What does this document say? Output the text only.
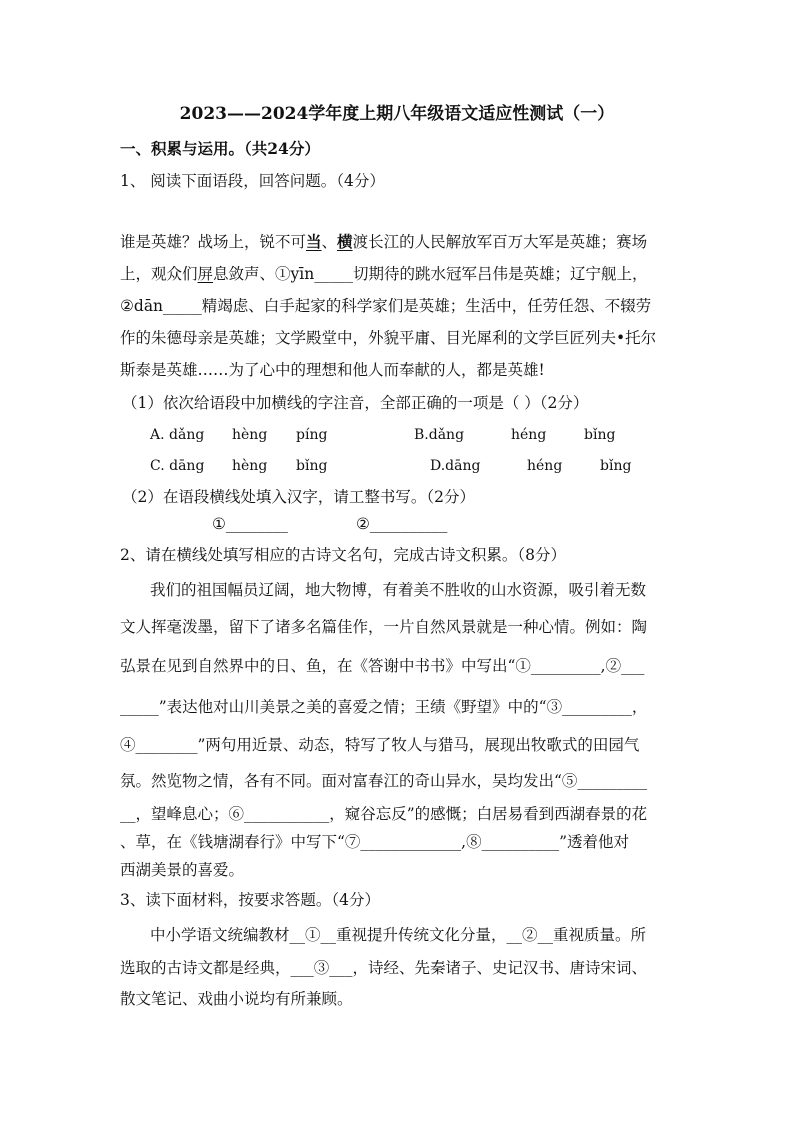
2023——2024学年度上期八年级语文适应性测试（一）
一、积累与运用。（共24分）
1、 阅读下面语段，回答问题。（4分）
谁是英雄？战场上，锐不可当、横渡长江的人民解放军百万大军是英雄；赛场
上，观众们屏息敛声、①yīn_____切期待的跳水冠军吕伟是英雄；辽宁舰上，
②dān_____精竭虑、白手起家的科学家们是英雄；生活中，任劳任怨、不辍劳
作的朱德母亲是英雄；文学殿堂中，外貌平庸、目光犀利的文学巨匠列夫•托尔
斯泰是英雄……为了心中的理想和他人而奉献的人，都是英雄!
（1）依次给语段中加横线的字注音，全部正确的一项是（ ）（2分）
A. dǎng hèng píng	B.dǎng	héng	bǐng
C. dāng hèng bǐng	D.dāng	héng	bǐng
（2）在语段横线处填入汉字，请工整书写。（2分）
①________	②__________
2、请在横线处填写相应的古诗文名句，完成古诗文积累。（8分）
我们的祖国幅员辽阔，地大物博，有着美不胜收的山水资源，吸引着无数
文人挥毫泼墨，留下了诸多名篇佳作，一片自然风景就是一种心情。例如：陶
弘景在见到自然界中的日、鱼，在《答谢中书书》中写出“①_________,②___
_____”表达他对山川美景之美的喜爱之情；王绩《野望》中的“③_________，
④________”两句用近景、动态，特写了牧人与猎马，展现出牧歌式的田园气
氛。然览物之情，各有不同。面对富春江的奇山异水，吴均发出“⑤_________
__，望峰息心；⑥___________，窥谷忘反”的感慨；白居易看到西湖春景的花
、草，在《钱塘湖春行》中写下“⑦_____________,⑧__________”透着他对
西湖美景的喜爱。
3、读下面材料，按要求答题。（4分）
中小学语文统编教材__①__重视提升传统文化分量，__②__重视质量。所
选取的古诗文都是经典，___③___，诗经、先秦诸子、史记汉书、唐诗宋词、
散文笔记、戏曲小说均有所兼顾。
